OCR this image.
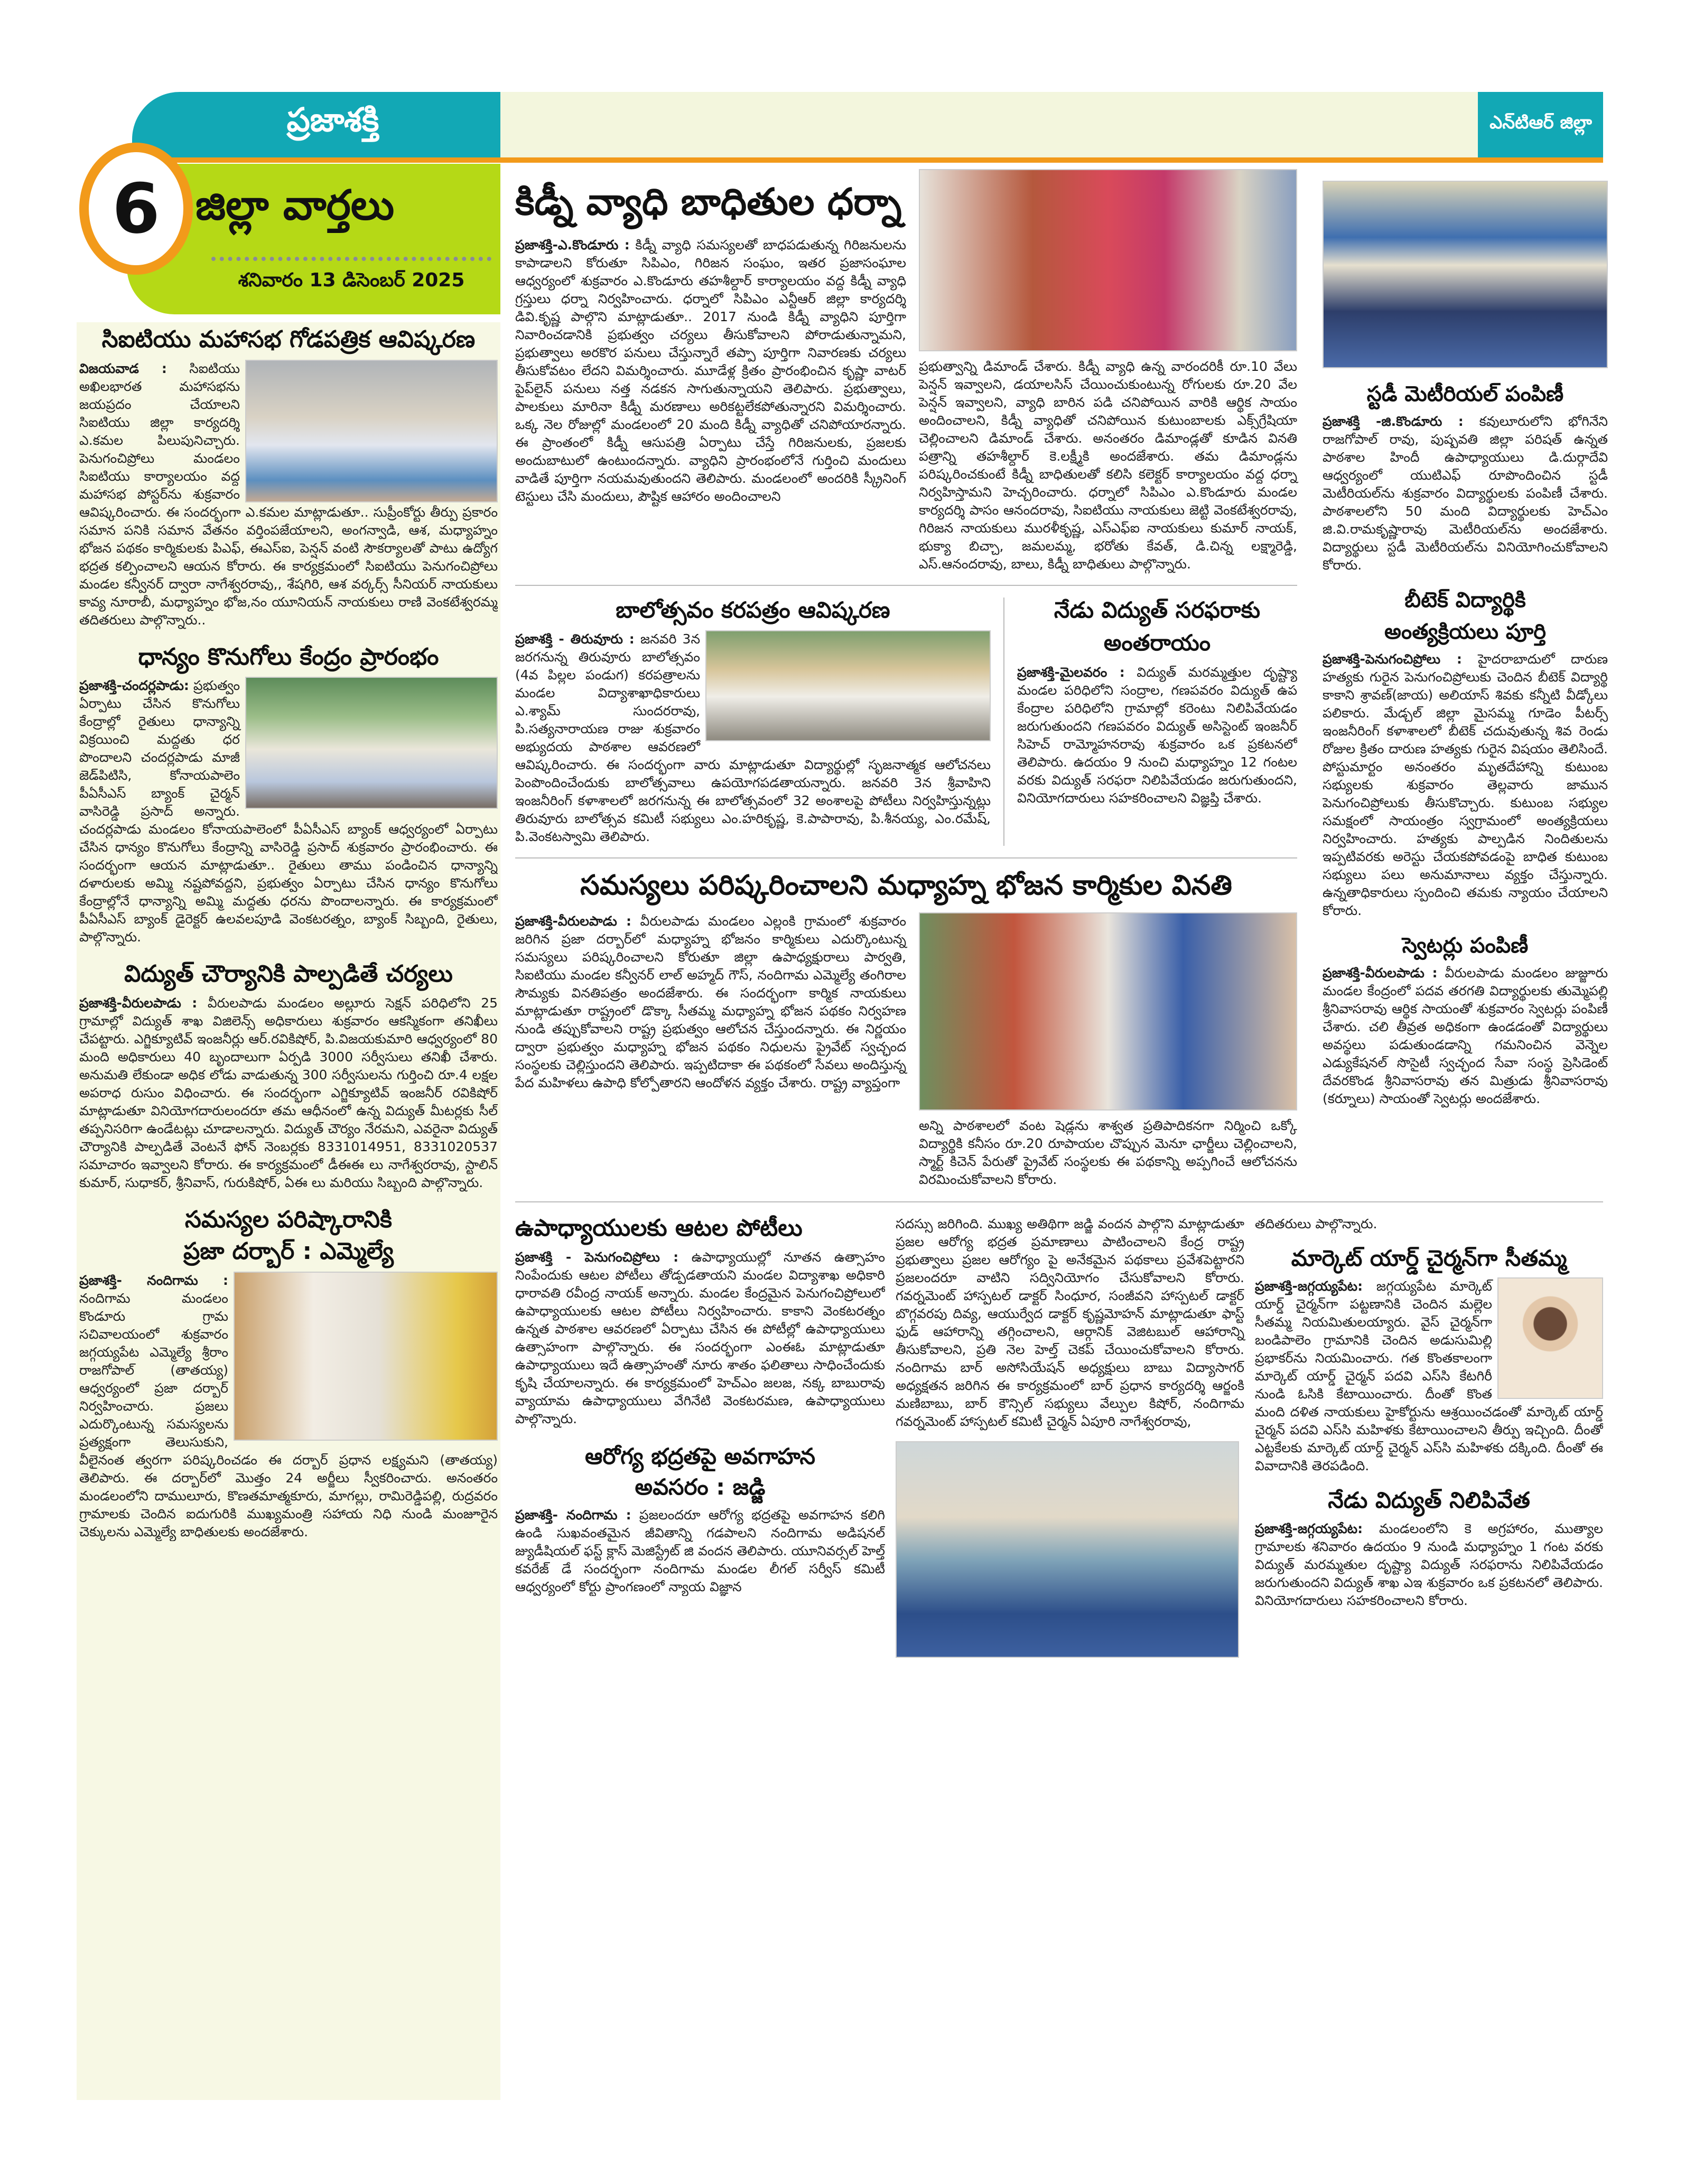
ప్రజాశక్తి	ఎన్‌టిఆర్ జిల్లా
6 జిల్లా వార్తలు
శనివారం 13 డిసెంబర్ 2025
సిఐటియు మహాసభ గోడపత్రిక ఆవిష్కరణ
విజయవాడ : సిఐటియు అఖిలభారత మహాసభను జయప్రదం చేయాలని సిఐటియు జిల్లా కార్యదర్శి ఎ.కమల పిలుపునిచ్చారు. పెనుగంచిప్రోలు మండలం సిఐటియు కార్యాలయం వద్ద మహాసభ పోస్టర్‌ను శుక్రవారం ఆవిష్కరించారు. ఈ సందర్భంగా ఎ.కమల మాట్లాడుతూ.. సుప్రీంకోర్టు తీర్పు ప్రకారం సమాన పనికి సమాన వేతనం వర్తింపజేయాలని, అంగన్వాడి, ఆశ, మధ్యాహ్నం భోజన పథకం కార్మికులకు పిఎఫ్, ఈఎస్ఐ, పెన్షన్ వంటి సౌకర్యాలతో పాటు ఉద్యోగ భద్రత కల్పించాలని ఆయన కోరారు. ఈ కార్యక్రమంలో సిఐటియు పెనుగంచిప్రోలు మండల కన్వీనర్ ద్వారా నాగేశ్వరరావు,, శేషగిరి, ఆశ వర్కర్స్ సీనియర్ నాయకులు కావ్య నూరాబీ, మధ్యాహ్నం భోజ,నం యూనియన్ నాయకులు రాణి వెంకటేశ్వరమ్మ తదితరులు పాల్గొన్నారు..
ధాన్యం కొనుగోలు కేంద్రం ప్రారంభం
ప్రజాశక్తి-చందర్లపాడు: ప్రభుత్వం ఏర్పాటు చేసిన కొనుగోలు కేంద్రాల్లో రైతులు ధాన్యాన్ని విక్రయించి మద్దతు ధర పొందాలని చందర్లపాడు మాజీ జెడ్‌పిటిసి, కోనాయపాలెం పీఏసీఎస్ బ్యాంక్ చైర్మన్ వాసిరెడ్డి ప్రసాద్ అన్నారు. చందర్లపాడు మండలం కోనాయపాలెంలో పీఏసీఎస్ బ్యాంక్ ఆధ్వర్యంలో ఏర్పాటు చేసిన ధాన్యం కొనుగోలు కేంద్రాన్ని వాసిరెడ్డి ప్రసాద్ శుక్రవారం ప్రారంభించారు. ఈ సందర్భంగా ఆయన మాట్లాడుతూ.. రైతులు తాము పండించిన ధాన్యాన్ని దళారులకు అమ్మి నష్టపోవద్దని, ప్రభుత్వం ఏర్పాటు చేసిన ధాన్యం కొనుగోలు కేంద్రాల్లోనే ధాన్యాన్ని అమ్మి మద్దతు ధరను పొందాలన్నారు. ఈ కార్యక్రమంలో పీఏసీఎస్ బ్యాంక్ డైరెక్టర్ ఉలవలపూడి వెంకటరత్నం, బ్యాంక్ సిబ్బంది, రైతులు, పాల్గొన్నారు.
విద్యుత్ చౌర్యానికి పాల్పడితే చర్యలు
ప్రజాశక్తి-వీరులపాడు : వీరులపాడు మండలం అల్లూరు సెక్షన్ పరిధిలోని 25 గ్రామాల్లో విద్యుత్ శాఖ విజిలెన్స్ అధికారులు శుక్రవారం ఆకస్మికంగా తనిఖీలు చేపట్టారు. ఎగ్జిక్యూటివ్ ఇంజనీర్లు ఆర్.రవికిషోర్, పి.విజయకుమారి ఆధ్వర్యంలో 80 మంది అధికారులు 40 బృందాలుగా ఏర్పడి 3000 సర్వీసులు తనిఖీ చేశారు. అనుమతి లేకుండా అధిక లోడు వాడుతున్న 300 సర్వీసులను గుర్తించి రూ.4 లక్షల అపరాధ రుసుం విధించారు. ఈ సందర్భంగా ఎగ్జిక్యూటివ్ ఇంజనీర్ రవికిషోర్ మాట్లాడుతూ వినియోగదారులందరూ తమ ఆధీనంలో ఉన్న విద్యుత్ మీటర్లకు సీల్ తప్పనిసరిగా ఉండేటట్లు చూడాలన్నారు. విద్యుత్ చౌర్యం నేరమని, ఎవరైనా విద్యుత్ చౌర్యానికి పాల్పడితే వెంటనే ఫోన్ నెంబర్లకు 8331014951, 8331020537 సమాచారం ఇవ్వాలని కోరారు. ఈ కార్యక్రమంలో డీఈఈ లు నాగేశ్వరరావు, స్టాలిన్ కుమార్, సుధాకర్, శ్రీనివాస్, గురుకిషోర్, ఏఈ లు మరియు సిబ్బంది పాల్గొన్నారు.
సమస్యల పరిష్కారానికి
ప్రజా దర్బార్ : ఎమ్మెల్యే
ప్రజాశక్తి- నందిగామ : నందిగామ మండలం కొండూరు గ్రామ సచివాలయంలో శుక్రవారం జగ్గయ్యపేట ఎమ్మెల్యే శ్రీరాం రాజగోపాల్ (తాతయ్య) ఆధ్వర్యంలో ప్రజా దర్బార్ నిర్వహించారు. ప్రజలు ఎదుర్కొంటున్న సమస్యలను ప్రత్యక్షంగా తెలుసుకుని, వీలైనంత త్వరగా పరిష్కరించడం ఈ దర్బార్ ప్రధాన లక్ష్యమని (తాతయ్య) తెలిపారు. ఈ దర్బార్‌లో మొత్తం 24 అర్జీలు స్వీకరించారు. అనంతరం మండలంలోని దాములూరు, కొణతమాత్మకూరు, మాగల్లు, రామిరెడ్డిపల్లి, రుద్రవరం గ్రామాలకు చెందిన ఐదుగురికి ముఖ్యమంత్రి సహాయ నిధి నుండి మంజూరైన చెక్కులను ఎమ్మెల్యే బాధితులకు అందజేశారు.
కిడ్నీ వ్యాధి బాధితుల ధర్నా
ప్రజాశక్తి-ఎ.కొండూరు : కిడ్నీ వ్యాధి సమస్యలతో బాధపడుతున్న గిరిజనులను కాపాడాలని కోరుతూ సిపిఎం, గిరిజన సంఘం, ఇతర ప్రజాసంఘాల ఆధ్వర్యంలో శుక్రవారం ఎ.కొండూరు తహశీల్దార్ కార్యాలయం వద్ద కిడ్నీ వ్యాధి గ్రస్తులు ధర్నా నిర్వహించారు. ధర్నాలో సిపిఎం ఎన్టీఆర్ జిల్లా కార్యదర్శి డివి.కృష్ణ పాల్గొని మాట్లాడుతూ.. 2017 నుండి కిడ్నీ వ్యాధిని పూర్తిగా నివారించడానికి ప్రభుత్వం చర్యలు తీసుకోవాలని పోరాడుతున్నామని, ప్రభుత్వాలు అరకొర పనులు చేస్తున్నారే తప్పా పూర్తిగా నివారణకు చర్యలు తీసుకోవటం లేదని విమర్శించారు. మూడేళ్ల క్రితం ప్రారంభించిన కృష్ణా వాటర్ పైప్‌లైన్ పనులు నత్త నడకన సాగుతున్నాయని తెలిపారు. ప్రభుత్వాలు, పాలకులు మారినా కిడ్నీ మరణాలు అరికట్టలేకపోతున్నారని విమర్శించారు. ఒక్క నెల రోజుల్లో మండలంలో 20 మంది కిడ్నీ వ్యాధితో చనిపోయారన్నారు. ఈ ప్రాంతంలో కిడ్నీ ఆసుపత్రి ఏర్పాటు చేస్తే గిరిజనులకు, ప్రజలకు అందుబాటులో ఉంటుందన్నారు. వ్యాధిని ప్రారంభంలోనే గుర్తించి మందులు వాడితే పూర్తిగా నయమవుతుందని తెలిపారు. మండలంలో అందరికి స్క్రీనింగ్ టెస్టులు చేసి మందులు, పౌష్టిక ఆహారం అందించాలని
ప్రభుత్వాన్ని డిమాండ్ చేశారు. కిడ్నీ వ్యాధి ఉన్న వారందరికీ రూ.10 వేలు పెన్షన్ ఇవ్వాలని, డయాలసిస్ చేయించుకుంటున్న రోగులకు రూ.20 వేల పెన్షన్ ఇవ్వాలని, వ్యాధి బారిన పడి చనిపోయిన వారికి ఆర్థిక సాయం అందించాలని, కిడ్నీ వ్యాధితో చనిపోయిన కుటుంబాలకు ఎక్స్‌గ్రేషియా చెల్లించాలని డిమాండ్ చేశారు. అనంతరం డిమాండ్లతో కూడిన వినతి పత్రాన్ని తహశీల్దార్ కె.లక్ష్మీకి అందజేశారు. తమ డిమాండ్లను పరిష్కరించకుంటే కిడ్నీ బాధితులతో కలిసి కలెక్టర్ కార్యాలయం వద్ద ధర్నా నిర్వహిస్తామని హెచ్చరించారు. ధర్నాలో సిపిఎం ఎ.కొండూరు మండల కార్యదర్శి పాసం ఆనందరావు, సిఐటియు నాయకులు జెట్టి వెంకటేశ్వరరావు, గిరిజన నాయకులు మురళీకృష్ణ, ఎస్ఎఫ్ఐ నాయకులు కుమార్ నాయక్, భుక్యా బిచ్చా, జమలమ్మ, భరోతు కేవత్, డి.చిన్న లక్ష్మారెడ్డి, ఎస్.ఆనందరావు, బాలు, కిడ్నీ బాధితులు పాల్గొన్నారు.
బాలోత్సవం కరపత్రం ఆవిష్కరణ
ప్రజాశక్తి - తిరువూరు : జనవరి 3న జరగనున్న తిరువూరు బాలోత్సవం (4వ పిల్లల పండుగ) కరపత్రాలను మండల విద్యాశాఖాధికారులు ఎ.శ్యామ్ సుందరరావు, పి.సత్యనారాయణ రాజు శుక్రవారం అభ్యుదయ పాఠశాల ఆవరణలో ఆవిష్కరించారు. ఈ సందర్భంగా వారు మాట్లాడుతూ విద్యార్థుల్లో సృజనాత్మక ఆలోచనలు పెంపొందించేందుకు బాలోత్సవాలు ఉపయోగపడతాయన్నారు. జనవరి 3న శ్రీవాహిని ఇంజనీరింగ్ కళాశాలలో జరగనున్న ఈ బాలోత్సవంలో 32 అంశాలపై పోటీలు నిర్వహిస్తున్నట్లు తిరువూరు బాలోత్సవ కమిటీ సభ్యులు ఎం.హరికృష్ణ, కె.పాపారావు, పి.శీనయ్య, ఎం.రమేష్, పి.వెంకటస్వామి తెలిపారు.
నేడు విద్యుత్ సరఫరాకు
అంతరాయం
ప్రజాశక్తి-మైలవరం : విద్యుత్ మరమ్మత్తుల దృష్ట్యా మండల పరిధిలోని సంద్రాల, గణపవరం విద్యుత్ ఉప కేంద్రాల పరిధిలోని గ్రామాల్లో కరెంటు నిలిపివేయడం జరుగుతుందని గణపవరం విద్యుత్ అసిస్టెంట్ ఇంజనీర్ సిహెచ్ రామ్మోహనరావు శుక్రవారం ఒక ప్రకటనలో తెలిపారు. ఉదయం 9 నుంచి మధ్యాహ్నం 12 గంటల వరకు విద్యుత్ సరఫరా నిలిపివేయడం జరుగుతుందని, వినియోగదారులు సహకరించాలని విజ్ఞప్తి చేశారు.
సమస్యలు పరిష్కరించాలని మధ్యాహ్న భోజన కార్మికుల వినతి
ప్రజాశక్తి-వీరులపాడు : వీరులపాడు మండలం ఎల్లంకి గ్రామంలో శుక్రవారం జరిగిన ప్రజా దర్బార్‌లో మధ్యాహ్న భోజనం కార్మికులు ఎదుర్కొంటున్న సమస్యలు పరిష్కరించాలని కోరుతూ జిల్లా ఉపాధ్యక్షురాలు పార్వతి, సిఐటియు మండల కన్వీనర్ లాల్ అహ్మద్ గౌస్, నందిగామ ఎమ్మెల్యే తంగిరాల సౌమ్యకు వినతిపత్రం అందజేశారు. ఈ సందర్భంగా కార్మిక నాయకులు మాట్లాడుతూ రాష్ట్రంలో డొక్కా సీతమ్మ మధ్యాహ్న భోజన పథకం నిర్వహణ నుండి తప్పుకోవాలని రాష్ట్ర ప్రభుత్వం ఆలోచన చేస్తుందన్నారు. ఈ నిర్ణయం ద్వారా ప్రభుత్వం మధ్యాహ్న భోజన పథకం నిధులను ప్రైవేట్ స్వచ్ఛంద సంస్థలకు చెల్లిస్తుందని తెలిపారు. ఇప్పటిదాకా ఈ పథకంలో సేవలు అందిస్తున్న పేద మహిళలు ఉపాధి కోల్పోతారని ఆందోళన వ్యక్తం చేశారు. రాష్ట్ర వ్యాప్తంగా
అన్ని పాఠశాలలో వంట షెడ్లను శాశ్వత ప్రతిపాదికనగా నిర్మించి ఒక్కో విద్యార్థికి కనీసం రూ.20 రూపాయల చొప్పున మెనూ ఛార్జీలు చెల్లించాలని, స్మార్ట్ కిచెన్ పేరుతో ప్రైవేట్ సంస్థలకు ఈ పథకాన్ని అప్పగించే ఆలోచనను విరమించుకోవాలని కోరారు.
స్టడీ మెటీరియల్ పంపిణీ
ప్రజాశక్తి -జి.కొండూరు : కవులూరులోని భోగినేని రాజగోపాల్ రావు, పుష్పవతి జిల్లా పరిషత్ ఉన్నత పాఠశాల హిందీ ఉపాధ్యాయులు డి.దుర్గాదేవి ఆధ్వర్యంలో యుటిఎఫ్ రూపొందించిన స్టడీ మెటీరియల్‌ను శుక్రవారం విద్యార్థులకు పంపిణీ చేశారు. పాఠశాలలోని 50 మంది విద్యార్థులకు హెచ్ఎం జి.వి.రామకృష్ణారావు మెటీరియల్‌ను అందజేశారు. విద్యార్థులు స్టడీ మెటీరియల్‌ను వినియోగించుకోవాలని కోరారు.
బీటెక్ విద్యార్థికి
అంత్యక్రియలు పూర్తి
ప్రజాశక్తి-పెనుగంచిప్రోలు : హైదరాబాదులో దారుణ హత్యకు గురైన పెనుగంచిప్రోలుకు చెందిన బీటెక్ విద్యార్థి కాకాని శ్రావణ్(జాయ) అలియాస్ శివకు కన్నీటి వీడ్కోలు పలికారు. మేడ్చల్ జిల్లా మైసమ్మ గూడెం పీటర్స్ ఇంజనీరింగ్ కళాశాలలో బీటెక్ చదువుతున్న శివ రెండు రోజుల క్రితం దారుణ హత్యకు గురైన విషయం తెలిసిందే. పోస్టుమార్టం అనంతరం మృతదేహాన్ని కుటుంబ సభ్యులకు శుక్రవారం తెల్లవారు జామున పెనుగంచిప్రోలుకు తీసుకొచ్చారు. కుటుంబ సభ్యుల సమక్షంలో సాయంత్రం స్వగ్రామంలో అంత్యక్రియలు నిర్వహించారు. హత్యకు పాల్పడిన నిందితులను ఇప్పటివరకు అరెస్టు చేయకపోవడంపై బాధిత కుటుంబ సభ్యులు పలు అనుమానాలు వ్యక్తం చేస్తున్నారు. ఉన్నతాధికారులు స్పందించి తమకు న్యాయం చేయాలని కోరారు.
స్వెటర్లు పంపిణీ
ప్రజాశక్తి-వీరులపాడు : వీరులపాడు మండలం జుజ్జూరు మండల కేంద్రంలో పదవ తరగతి విద్యార్థులకు తుమ్మెపల్లి శ్రీనివాసరావు ఆర్థిక సాయంతో శుక్రవారం స్వెటర్లు పంపిణీ చేశారు. చలి తీవ్రత అధికంగా ఉండడంతో విద్యార్థులు అవస్థలు పడుతుండడాన్ని గమనించిన వెన్నెల ఎడ్యుకేషనల్ సొసైటీ స్వచ్ఛంద సేవా సంస్థ ప్రెసిడెంట్ దేవరకొండ శ్రీనివాసరావు తన మిత్రుడు శ్రీనివాసరావు (కర్నూలు) సాయంతో స్వెటర్లు అందజేశారు.
ఉపాధ్యాయులకు ఆటల పోటీలు
ప్రజాశక్తి - పెనుగంచిప్రోలు : ఉపాధ్యాయుల్లో నూతన ఉత్సాహం నింపేందుకు ఆటల పోటీలు తోడ్పడతాయని మండల విద్యాశాఖ అధికారి ధారావతి రవీంద్ర నాయక్ అన్నారు. మండల కేంద్రమైన పెనుగంచిప్రోలులో ఉపాధ్యాయులకు ఆటల పోటీలు నిర్వహించారు. కాకాని వెంకటరత్నం ఉన్నత పాఠశాల ఆవరణలో ఏర్పాటు చేసిన ఈ పోటీల్లో ఉపాధ్యాయులు ఉత్సాహంగా పాల్గొన్నారు. ఈ సందర్భంగా ఎంఈఓ మాట్లాడుతూ ఉపాధ్యాయులు ఇదే ఉత్సాహంతో నూరు శాతం ఫలితాలు సాధించేందుకు కృషి చేయాలన్నారు. ఈ కార్యక్రమంలో హెచ్ఎం జలజ, నక్క బాబురావు వ్యాయామ ఉపాధ్యాయులు వేగినేటి వెంకటరమణ, ఉపాధ్యాయులు పాల్గొన్నారు.
ఆరోగ్య భద్రతపై అవగాహన
అవసరం : జడ్జి
ప్రజాశక్తి- నందిగామ : ప్రజలందరూ ఆరోగ్య భద్రతపై అవగాహన కలిగి ఉండి సుఖవంతమైన జీవితాన్ని గడపాలని నందిగామ అడిషనల్ జ్యుడీషియల్ ఫస్ట్ క్లాస్ మెజిస్ట్రేట్ జి వందన తెలిపారు. యూనివర్సల్ హెల్త్ కవరేజ్ డే సందర్భంగా నందిగామ మండల లీగల్ సర్వీస్ కమిటీ ఆధ్వర్యంలో కోర్టు ప్రాంగణంలో న్యాయ విజ్ఞాన
సదస్సు జరిగింది. ముఖ్య అతిథిగా జడ్జి వందన పాల్గొని మాట్లాడుతూ ప్రజల ఆరోగ్య భద్రత ప్రమాణాలు పాటించాలని కేంద్ర రాష్ట్ర ప్రభుత్వాలు ప్రజల ఆరోగ్యం పై అనేకమైన పథకాలు ప్రవేశపెట్టారని ప్రజలందరూ వాటిని సద్వినియోగం చేసుకోవాలని కోరారు. గవర్నమెంట్ హాస్పటల్ డాక్టర్ సింధూర, సంజీవని హాస్పటల్ డాక్టర్ బొగ్గవరపు దివ్య, ఆయుర్వేద డాక్టర్ కృష్ణమోహన్ మాట్లాడుతూ ఫాస్ట్ ఫుడ్ ఆహారాన్ని తగ్గించాలని, ఆర్గానిక్ వెజిటబుల్ ఆహారాన్ని తీసుకోవాలని, ప్రతి నెల హెల్త్ చెకప్ చేయించుకోవాలని కోరారు. నందిగామ బార్ అసోసియేషన్ అధ్యక్షులు బాబు విద్యాసాగర్ అధ్యక్షతన జరిగిన ఈ కార్యక్రమంలో బార్ ప్రధాన కార్యదర్శి ఆర్జంకి మణిబాబు, బార్ కౌన్సిల్ సభ్యులు వేల్పుల కిషోర్, నందిగామ గవర్నమెంట్ హాస్పటల్ కమిటీ చైర్మన్ ఏపూరి నాగేశ్వరరావు,
తదితరులు పాల్గొన్నారు.
మార్కెట్ యార్డ్ చైర్మన్‌గా సీతమ్మ
ప్రజాశక్తి-జగ్గయ్యపేట: జగ్గయ్యపేట మార్కెట్ యార్డ్ చైర్మన్‌గా పట్టణానికి చెందిన మల్లెల సీతమ్మ నియమితులయ్యారు. వైస్ చైర్మన్‌గా బండిపాలెం గ్రామానికి చెందిన అడుసుమిల్లి ప్రభాకర్‌ను నియమించారు. గత కొంతకాలంగా మార్కెట్ యార్డ్ చైర్మన్ పదవి ఎస్‌సి కేటగిరీ నుండి ఓసికి కేటాయించారు. దీంతో కొంత మంది దళిత నాయకులు హైకోర్టును ఆశ్రయించడంతో మార్కెట్ యార్డ్ చైర్మన్ పదవి ఎస్‌సి మహిళకు కేటాయించాలని తీర్పు ఇచ్చింది. దీంతో ఎట్టకేలకు మార్కెట్ యార్డ్ చైర్మన్ ఎస్‌సి మహిళకు దక్కింది. దీంతో ఈ వివాదానికి తెరపడింది.
నేడు విద్యుత్ నిలిపివేత
ప్రజాశక్తి-జగ్గయ్యపేట: మండలంలోని కె అగ్రహారం, ముత్యాల గ్రామాలకు శనివారం ఉదయం 9 నుండి మధ్యాహ్నం 1 గంట వరకు విద్యుత్ మరమ్మతుల దృష్ట్యా విద్యుత్ సరఫరాను నిలిపివేయడం జరుగుతుందని విద్యుత్ శాఖ ఎఇ శుక్రవారం ఒక ప్రకటనలో తెలిపారు. వినియోగదారులు సహకరించాలని కోరారు.
